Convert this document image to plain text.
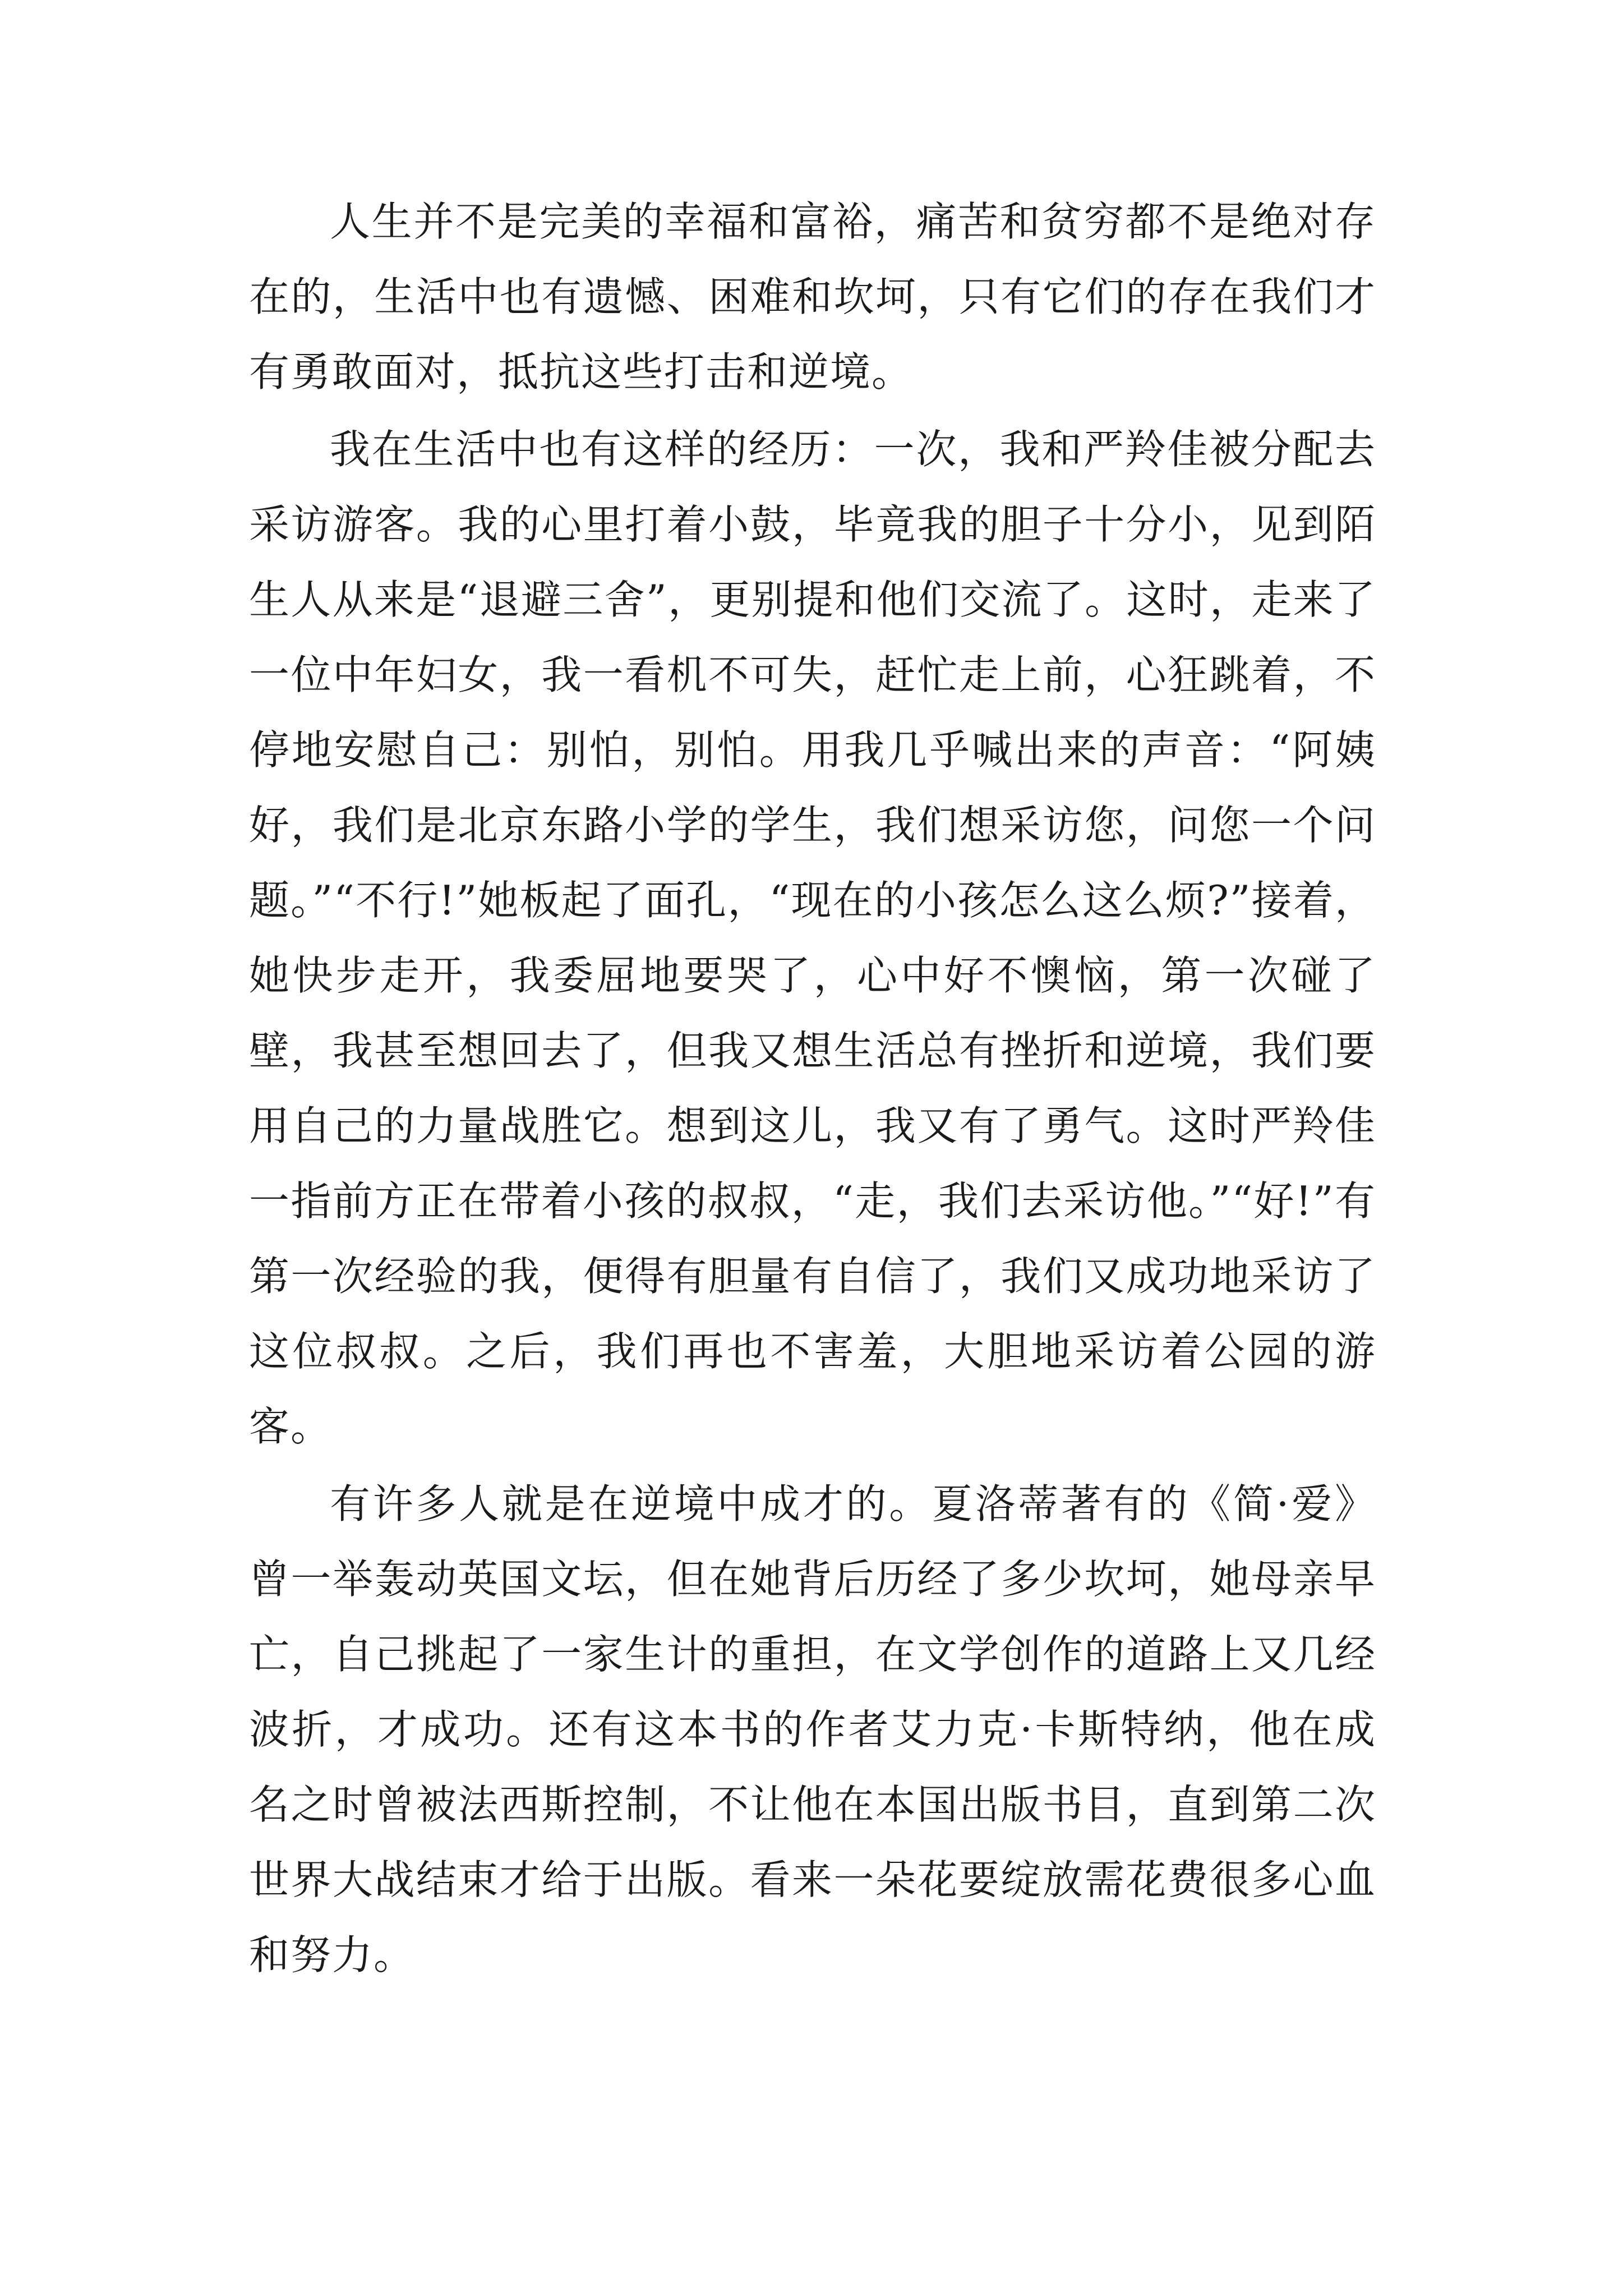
人生并不是完美的幸福和富裕，痛苦和贫穷都不是绝对存在的，生活中也有遗憾、困难和坎坷，只有它们的存在我们才有勇敢面对，抵抗这些打击和逆境。

我在生活中也有这样的经历：一次，我和严羚佳被分配去采访游客。我的心里打着小鼓，毕竟我的胆子十分小，见到陌生人从来是“退避三舍”，更别提和他们交流了。这时，走来了一位中年妇女，我一看机不可失，赶忙走上前，心狂跳着，不停地安慰自己：别怕，别怕。用我几乎喊出来的声音：“阿姨好，我们是北京东路小学的学生，我们想采访您，问您一个问题。”“不行!”她板起了面孔，“现在的小孩怎么这么烦?”接着，她快步走开，我委屈地要哭了，心中好不懊恼，第一次碰了壁，我甚至想回去了，但我又想生活总有挫折和逆境，我们要用自己的力量战胜它。想到这儿，我又有了勇气。这时严羚佳一指前方正在带着小孩的叔叔，“走，我们去采访他。”“好!”有第一次经验的我，便得有胆量有自信了，我们又成功地采访了这位叔叔。之后，我们再也不害羞，大胆地采访着公园的游客。

有许多人就是在逆境中成才的。夏洛蒂著有的《简·爱》曾一举轰动英国文坛，但在她背后历经了多少坎坷，她母亲早亡，自己挑起了一家生计的重担，在文学创作的道路上又几经波折，才成功。还有这本书的作者艾力克·卡斯特纳，他在成名之时曾被法西斯控制，不让他在本国出版书目，直到第二次世界大战结束才给于出版。看来一朵花要绽放需花费很多心血和努力。
